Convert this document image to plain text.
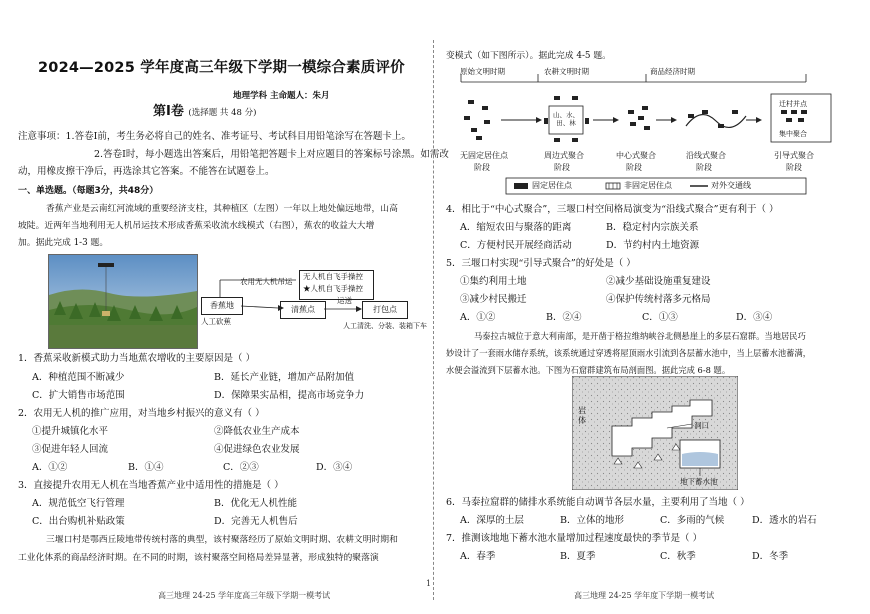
2024—2025 学年度高三年级下学期一模综合素质评价
地理学科 主命题人：朱月
第Ⅰ卷 (选择题 共 48 分)
注意事项：1.答卷Ⅰ前，考生务必将自己的姓名、准考证号、考试科目用铅笔涂写在答题卡上。
2.答卷Ⅰ时，每小题选出答案后，用铅笔把答题卡上对应题目的答案标号涂黑。如需改
动，用橡皮擦干净后，再选涂其它答案。不能答在试题卷上。
一、单选题。（每题3分，共48分）
香蕉产业是云南红河流域的重要经济支柱，其种植区（左图）一年以上地处偏远地带，山高
坡陡。近两年当地利用无人机吊运技术形成香蕉采收流水线模式（右图），蕉农的收益大大增
加。据此完成 1-3 题。
无人机自飞手操控
★人机自飞手操控
农用无人机吊运
香蕉地
人工砍蕉
清蕉点
运送
打包点
人工清洗、分装、装箱下车
1．香蕉采收新模式助力当地蕉农增收的主要原因是（ ）
A．种植范围不断减少	B．延长产业链，增加产品附加值
C．扩大销售市场范围	D．保障果实品相，提高市场竞争力
2．农用无人机的推广应用，对当地乡村振兴的意义有（ ）
①提升城镇化水平	②降低农业生产成本
③促进年轻人回流	④促进绿色农业发展
A．①②	B．①④	C．②③	D．③④
3．直接提升农用无人机在当地香蕉产业中适用性的措施是（ ）
A．规范低空飞行管理	B．优化无人机性能
C．出台购机补贴政策	D．完善无人机售后
三堰口村是鄂西丘陵地带传统村落的典型，该村聚落经历了原始文明时期、农耕文明时期和
工业化体系的商品经济时期。在不同的时期，该村聚落空间格局差异显著，形成独特的聚落演
高三地理 24-25 学年度高三年级下学期一模考试
1
变模式（如下图所示）。据此完成 4-5 题。
原始文明时期	农耕文明时期	商品经济时期
山、水、田、林
迁村并点
集中聚合
无固定居住点
阶段
周边式聚合
阶段
中心式聚合
阶段
沿线式聚合
阶段
引导式聚合
阶段
固定居住点	非固定居住点	对外交通线
4．相比于“中心式聚合”，三堰口村空间格局演变为“沿线式聚合”更有利于（ ）
A．缩短农田与聚落的距离	B．稳定村内宗族关系
C．方便村民开展经商活动	D．节约村内土地资源
5．三堰口村实现“引导式聚合”的好处是（ ）
①集约利用土地	②减少基础设施重复建设
③减少村民搬迁	④保护传统村落多元格局
A．①②	B．②④	C．①③	D．③④
马泰拉古城位于意大利南部，是开凿于格拉维纳峡谷北侧悬崖上的多层石窟群。当地居民巧
妙设计了一套雨水储存系统，该系统通过穿透将屋顶雨水引流到各层蓄水池中，当上层蓄水池蓄满，
水便会溢流到下层蓄水池。下图为石窟群建筑布局剖面图。据此完成 6-8 题。
岩体
洞口
地下蓄水池
6．马泰拉窟群的储排水系统能自动调节各层水量，主要利用了当地（ ）
A．深厚的土层	B．立体的地形	C．多雨的气候	D．透水的岩石
7．推测该地地下蓄水池水量增加过程速度最快的季节是（ ）
A．春季	B．夏季	C．秋季	D．冬季
高三地理 24-25 学年度下学期一模考试
